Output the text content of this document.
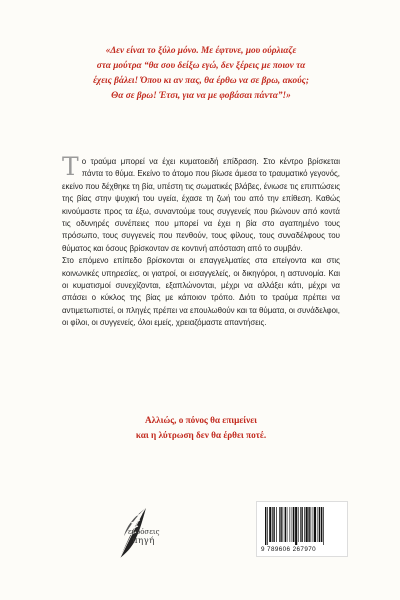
«Δεν είναι το ξύλο μόνο. Με έφτυνε, μου ούρλιαζε
στα μούτρα “θα σου δείξω εγώ, δεν ξέρεις με ποιον τα
έχεις βάλει! Όπου κι αν πας, θα έρθω να σε βρω, ακούς;
Θα σε βρω! Έτσι, για να με φοβάσαι πάντα”!»

Το τραύμα μπορεί να έχει κυματοειδή επίδραση. Στο κέντρο βρίσκεται πάντα το θύμα. Εκείνο το άτομο που βίωσε άμεσα το τραυματικό γεγονός, εκείνο που δέχθηκε τη βία, υπέστη τις σωματικές βλάβες, ένιωσε τις επιπτώσεις της βίας στην ψυχική του υγεία, έχασε τη ζωή του από την επίθεση. Καθώς κινούμαστε προς τα έξω, συναντούμε τους συγγενείς που βιώνουν από κοντά τις οδυνηρές συνέπειες που μπορεί να έχει η βία στο αγαπημένο τους πρόσωπο, τους συγγενείς που πενθούν, τους φίλους, τους συναδέλφους του θύματος και όσους βρίσκονταν σε κοντινή απόσταση από το συμβάν.

Στο επόμενο επίπεδο βρίσκονται οι επαγγελματίες στα επείγοντα και στις κοινωνικές υπηρεσίες, οι γιατροί, οι εισαγγελείς, οι δικηγόροι, η αστυνομία. Και οι κυματισμοί συνεχίζονται, εξαπλώνονται, μέχρι να αλλάξει κάτι, μέχρι να σπάσει ο κύκλος της βίας με κάποιον τρόπο. Διότι το τραύμα πρέπει να αντιμετωπιστεί, οι πληγές πρέπει να επουλωθούν και τα θύματα, οι συνάδελφοι, οι φίλοι, οι συγγενείς, όλοι εμείς, χρειαζόμαστε απαντήσεις.

Αλλιώς, ο πόνος θα επιμείνει
και η λύτρωση δεν θα έρθει ποτέ.
εκδόσεις
πηγή
9 789606 267970
